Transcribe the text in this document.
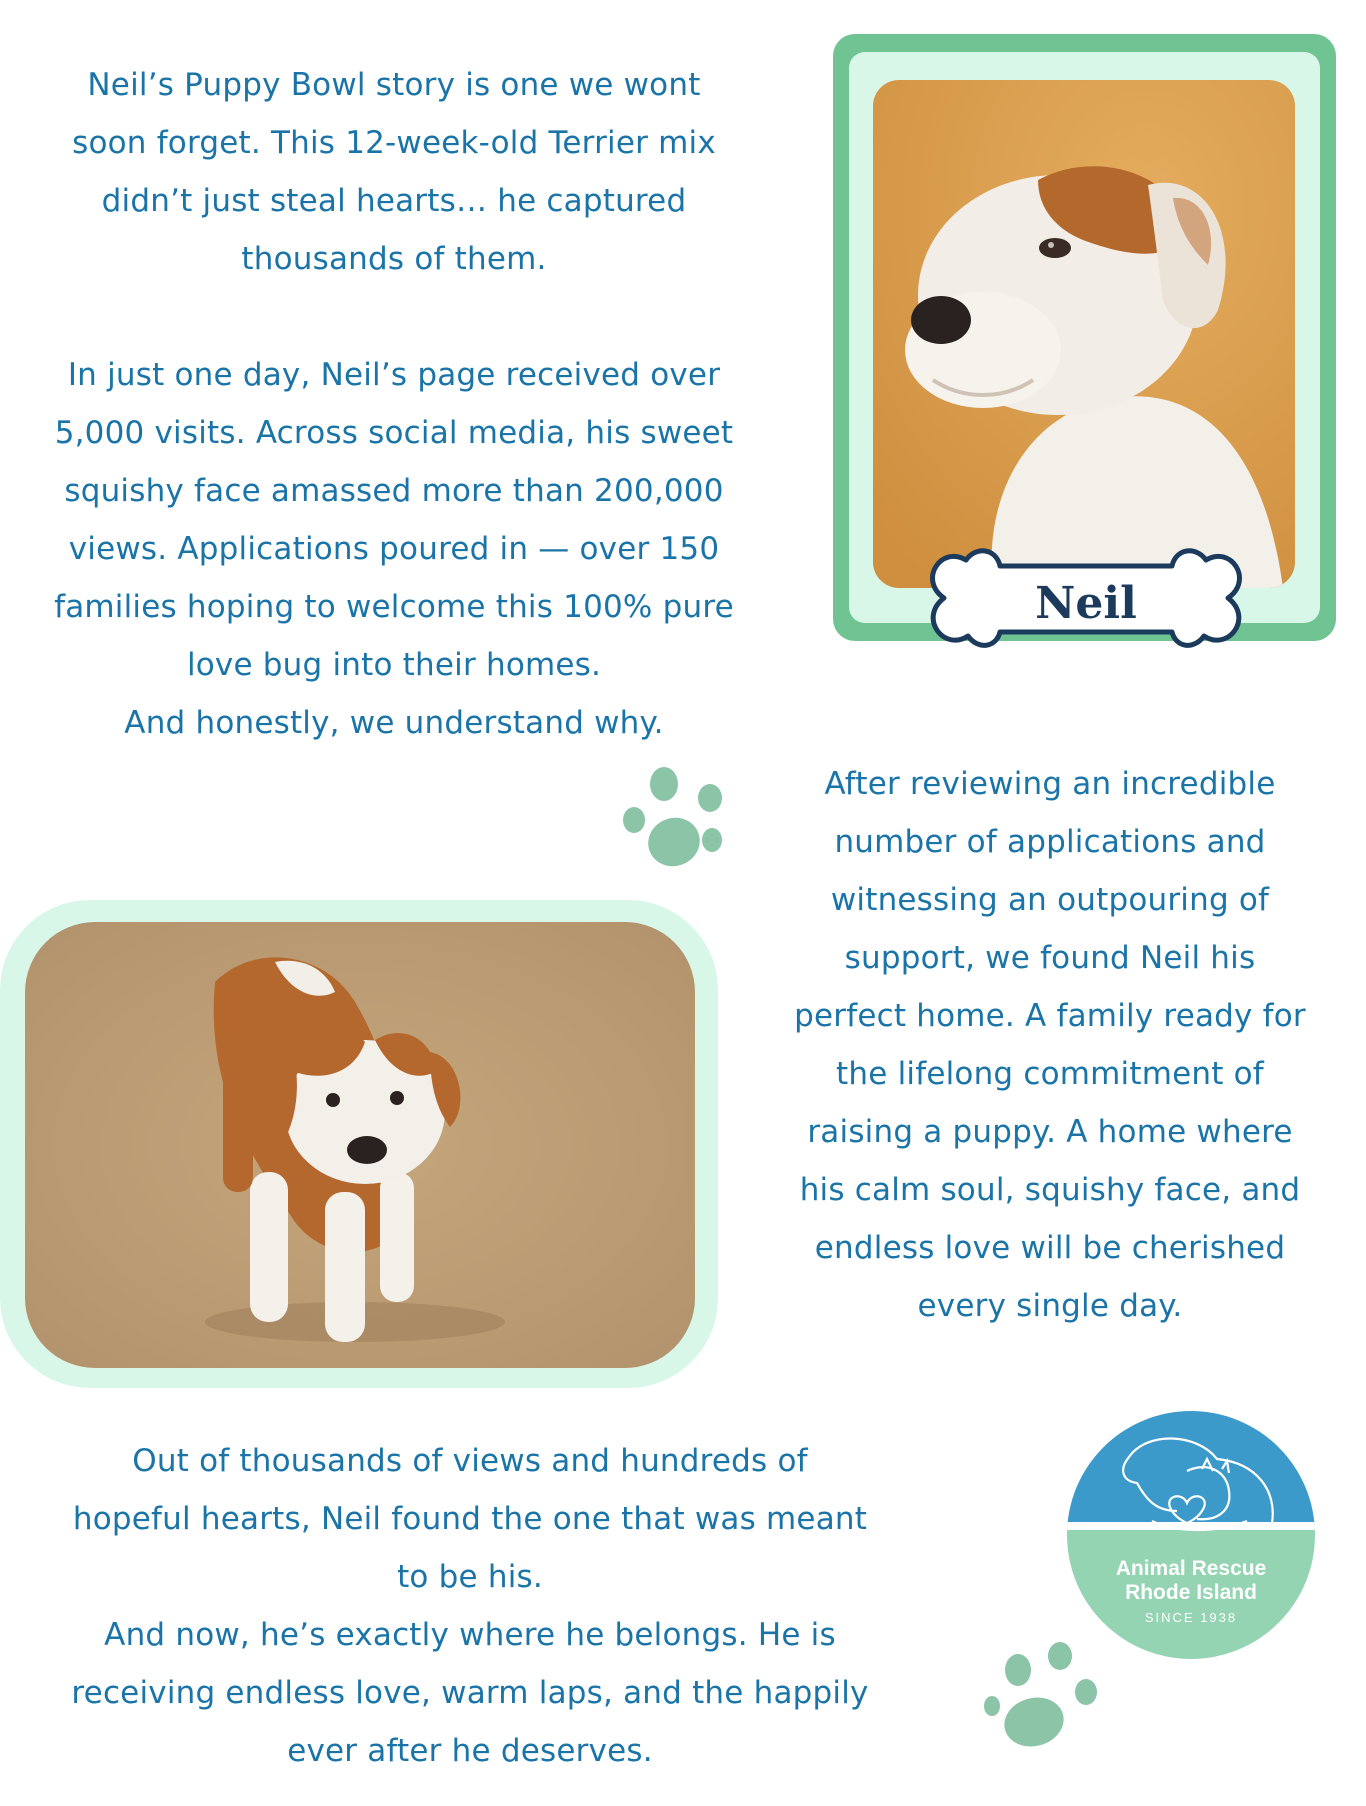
Neil’s Puppy Bowl story is one we wont
soon forget. This 12-week-old Terrier mix
didn’t just steal hearts… he captured
thousands of them.
In just one day, Neil’s page received over
5,000 visits. Across social media, his sweet
squishy face amassed more than 200,000
views. Applications poured in — over 150
families hoping to welcome this 100% pure
love bug into their homes.
And honestly, we understand why.
Neil
After reviewing an incredible
number of applications and
witnessing an outpouring of
support, we found Neil his
perfect home. A family ready for
the lifelong commitment of
raising a puppy. A home where
his calm soul, squishy face, and
endless love will be cherished
every single day.
Out of thousands of views and hundreds of
hopeful hearts, Neil found the one that was meant
to be his.
And now, he’s exactly where he belongs. He is
receiving endless love, warm laps, and the happily
ever after he deserves.
Animal Rescue
Rhode Island
SINCE 1938
